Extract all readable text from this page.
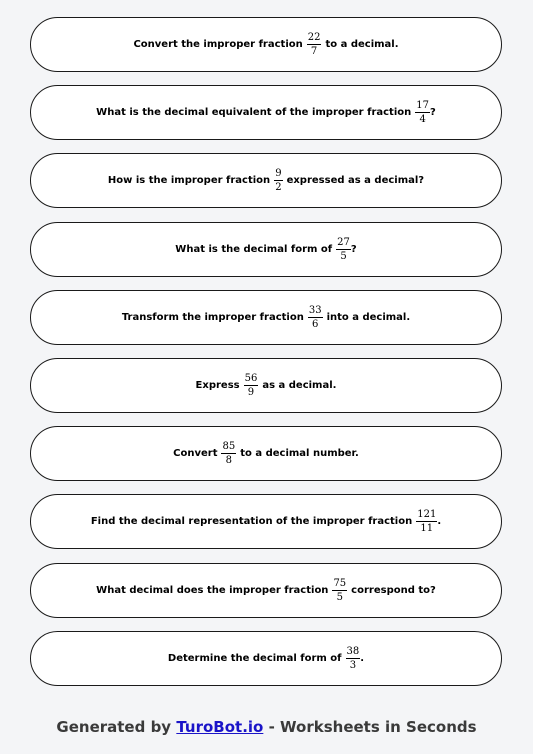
Convert the improper fraction $\frac{22}{7}$ to a decimal.
What is the decimal equivalent of the improper fraction $\frac{17}{4}$ ?
How is the improper fraction $\frac{9}{2}$ expressed as a decimal?
What is the decimal form of $\frac{27}{5}$ ?
Transform the improper fraction $\frac{33}{6}$ into a decimal.
Express $\frac{56}{9}$ as a decimal.
Convert $\frac{85}{8}$ to a decimal number.
Find the decimal representation of the improper fraction $\frac{121}{11}$ .
What decimal does the improper fraction $\frac{75}{5}$ correspond to?
Determine the decimal form of $\frac{38}{3}$ .
Generated by TuroBot.io - Worksheets in Seconds
